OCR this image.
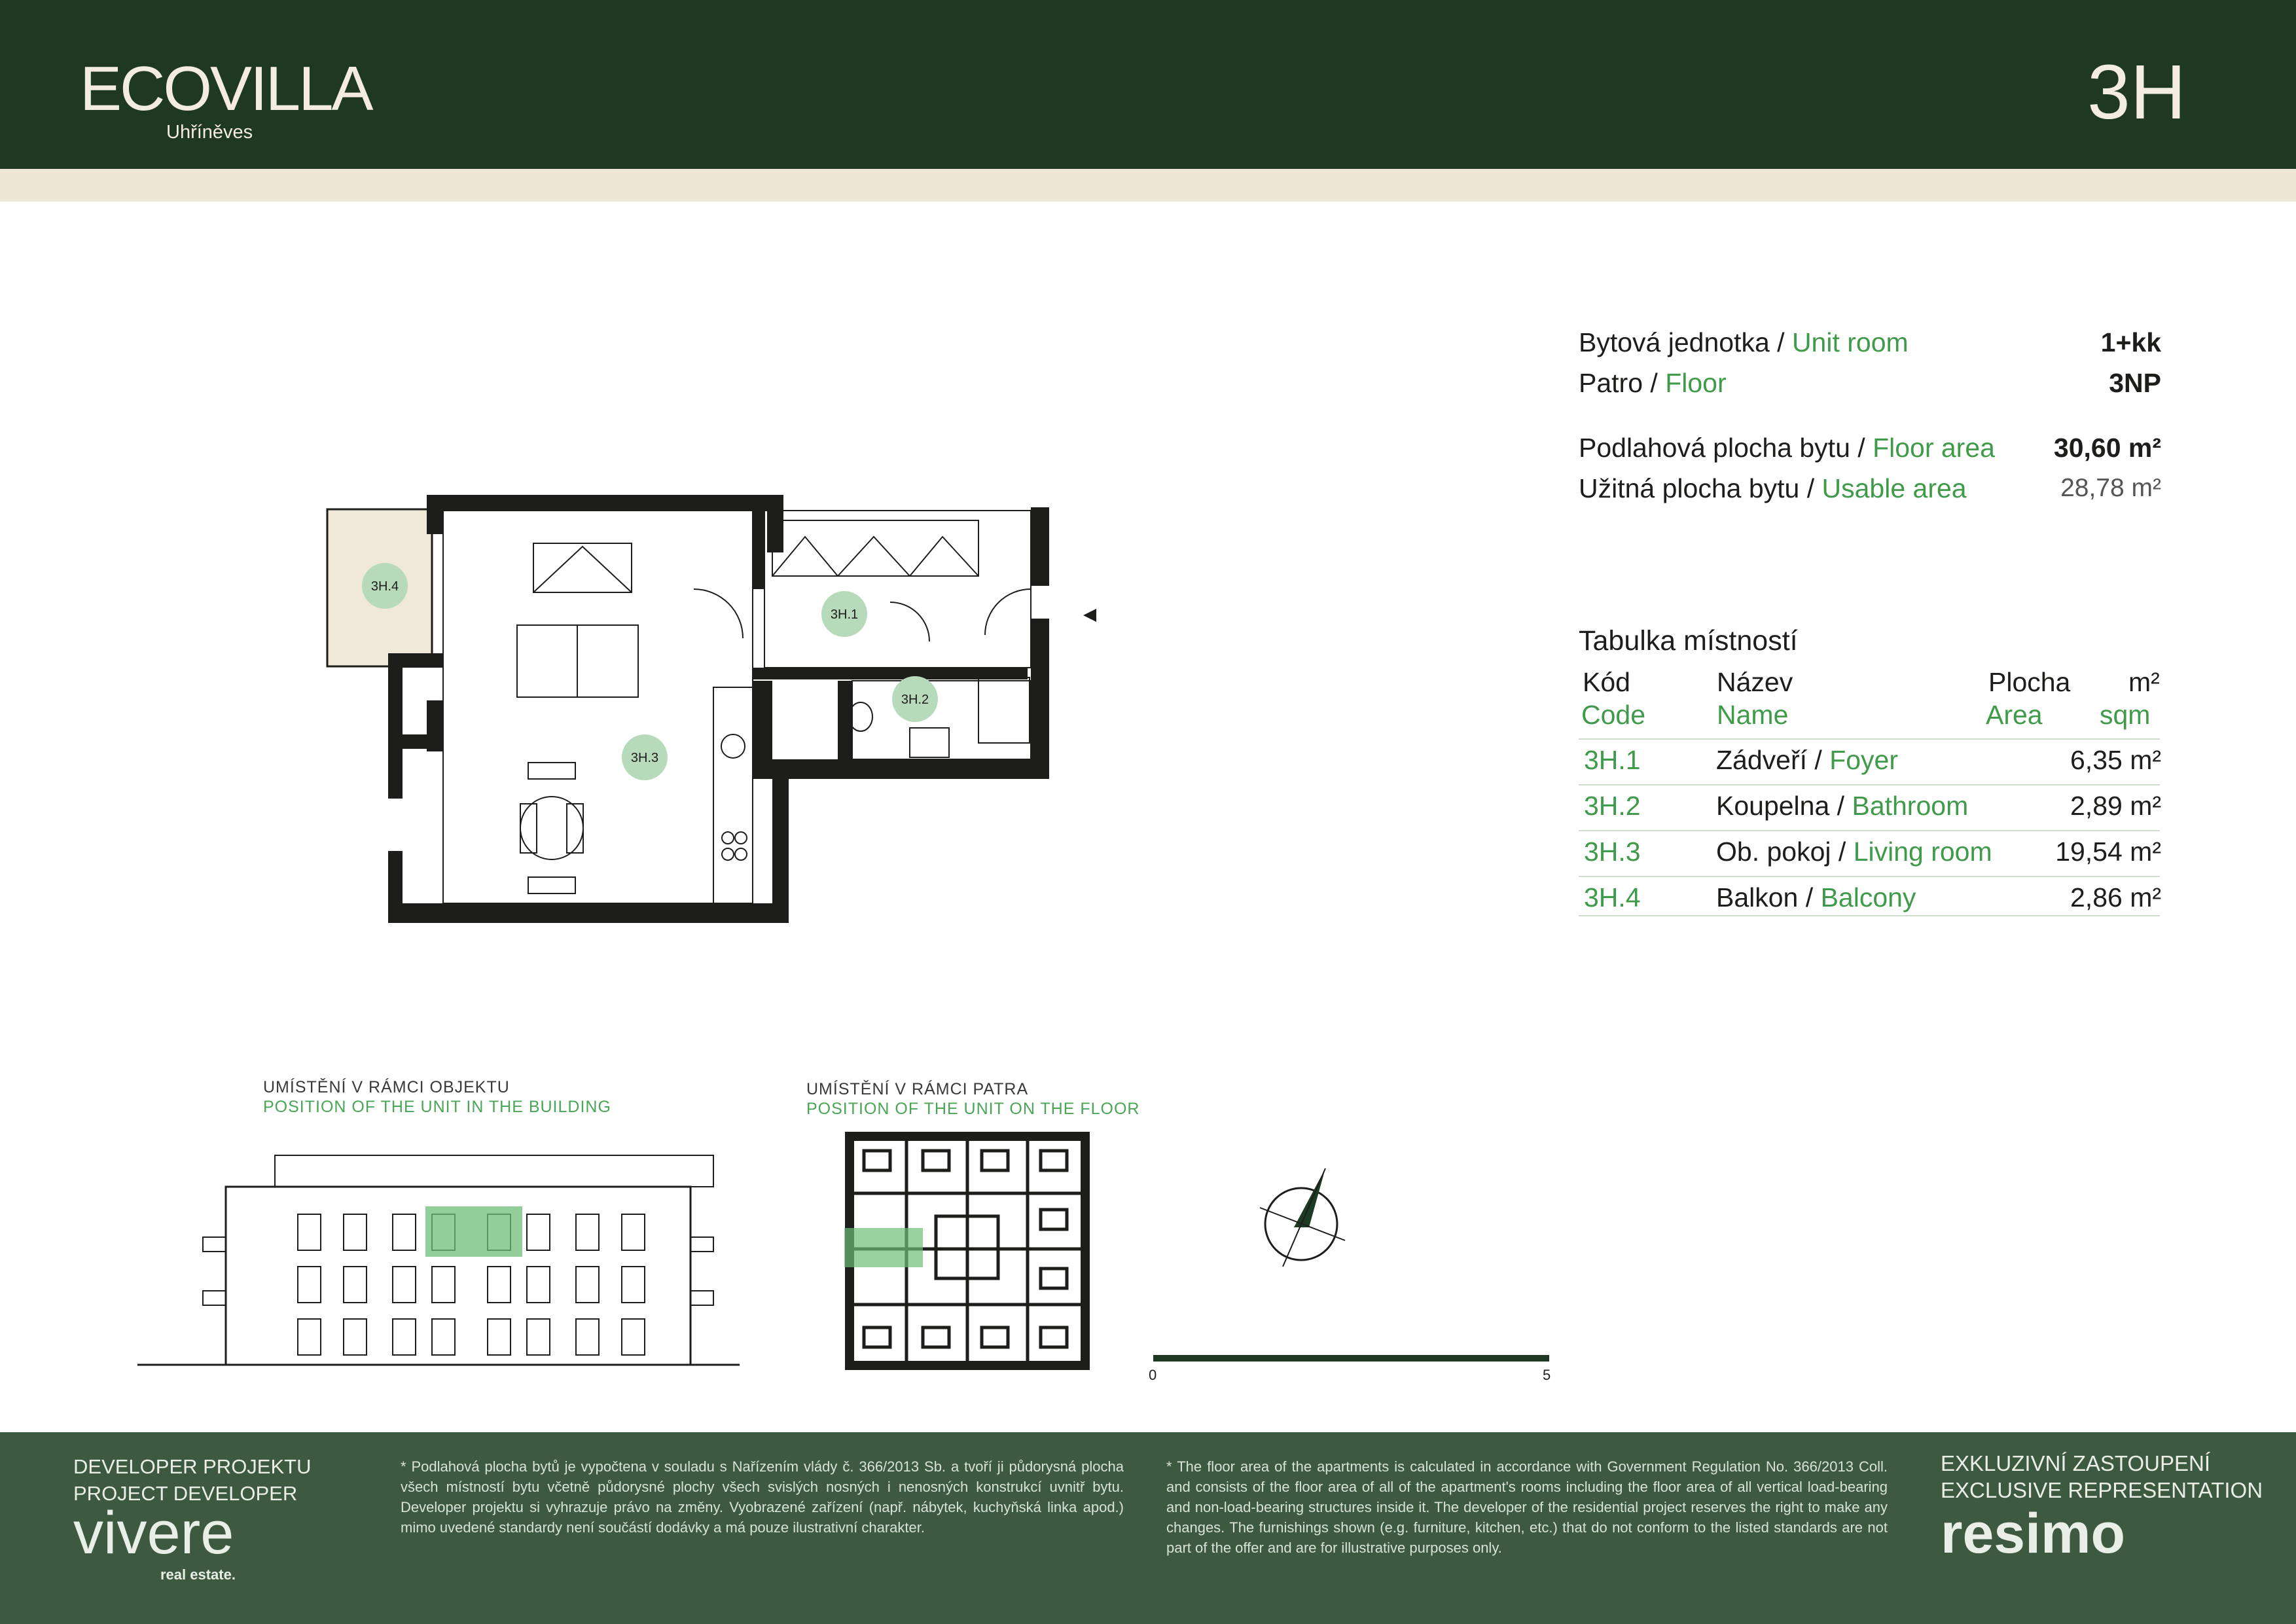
ECOVILLA
Uhříněves	3H
Bytová jednotka / Unit room	1+kk
Patro / Floor	3NP
Podlahová plocha bytu / Floor area 30,60 m²
Užitná plocha bytu / Usable area	28,78 m²
Tabulka místností
Kód	Název	Plocha m²
Code	Name	Area sqm
3H.1	Zádveří / Foyer	6,35 m²
3H.2	Koupelna / Bathroom	2,89 m²
3H.3	Ob. pokoj / Living room 19,54 m²
3H.4	Balkon / Balcony	2,86 m²
3H.4
3H.1
3H.2
3H.3
UMÍSTĚNÍ V RÁMCI OBJEKTU
POSITION OF THE UNIT IN THE BUILDING
UMÍSTĚNÍ V RÁMCI PATRA
POSITION OF THE UNIT ON THE FLOOR
0	5
DEVELOPER PROJEKTU
PROJECT DEVELOPER
vivere
real estate.
* Podlahová plocha bytů je vypočtena v souladu s Nařízením vlády č. 366/2013 Sb. a tvoří ji půdorysná plocha všech místností bytu včetně půdorysné plochy všech svislých nosných i nenosných konstrukcí uvnitř bytu. Developer projektu si vyhrazuje právo na změny. Vyobrazené zařízení (např. nábytek, kuchyňská linka apod.) mimo uvedené standardy není součástí dodávky a má pouze ilustrativní charakter.
* The floor area of the apartments is calculated in accordance with Government Regulation No. 366/2013 Coll. and consists of the floor area of all of the apartment's rooms including the floor area of all vertical load-bearing and non-load-bearing structures inside it. The developer of the residential project reserves the right to make any changes. The furnishings shown (e.g. furniture, kitchen, etc.) that do not conform to the listed standards are not part of the offer and are for illustrative purposes only.
EXKLUZIVNÍ ZASTOUPENÍ
EXCLUSIVE REPRESENTATION
resimo
